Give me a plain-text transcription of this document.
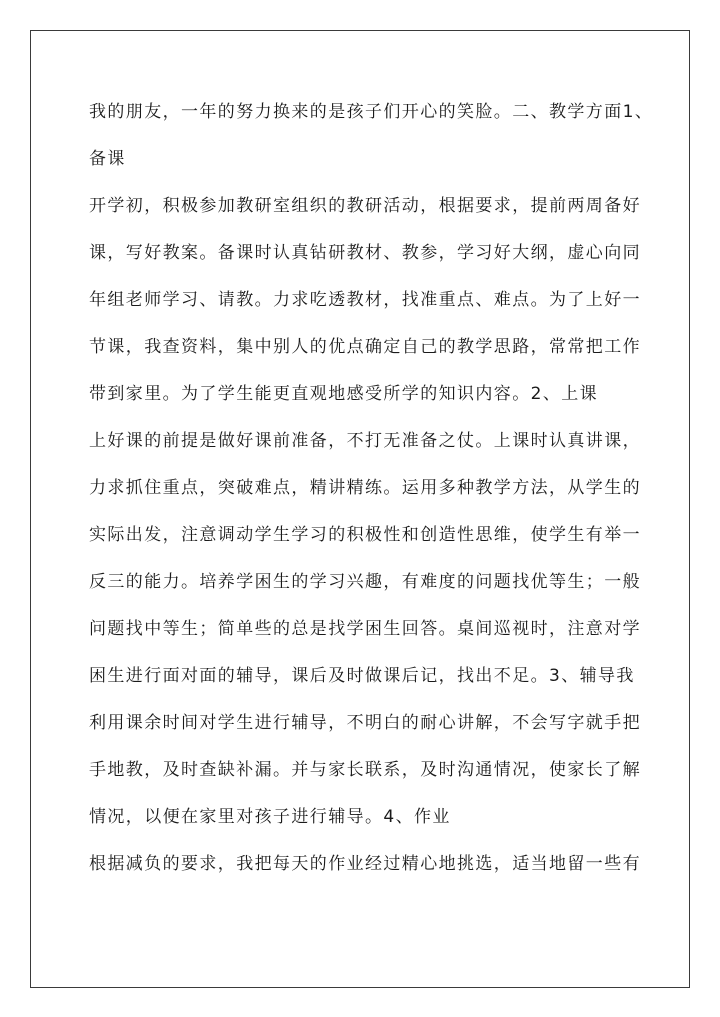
我的朋友，一年的努力换来的是孩子们开心的笑脸。二、教学方面1、

备课

开学初，积极参加教研室组织的教研活动，根据要求，提前两周备好

课，写好教案。备课时认真钻研教材、教参，学习好大纲，虚心向同

年组老师学习、请教。力求吃透教材，找准重点、难点。为了上好一

节课，我查资料，集中别人的优点确定自己的教学思路，常常把工作

带到家里。为了学生能更直观地感受所学的知识内容。2、上课

上好课的前提是做好课前准备，不打无准备之仗。上课时认真讲课，

力求抓住重点，突破难点，精讲精练。运用多种教学方法，从学生的

实际出发，注意调动学生学习的积极性和创造性思维，使学生有举一

反三的能力。培养学困生的学习兴趣，有难度的问题找优等生；一般

问题找中等生；简单些的总是找学困生回答。桌间巡视时，注意对学

困生进行面对面的辅导，课后及时做课后记，找出不足。3、辅导我

利用课余时间对学生进行辅导，不明白的耐心讲解，不会写字就手把

手地教，及时查缺补漏。并与家长联系，及时沟通情况，使家长了解

情况，以便在家里对孩子进行辅导。4、作业

根据减负的要求，我把每天的作业经过精心地挑选，适当地留一些有
